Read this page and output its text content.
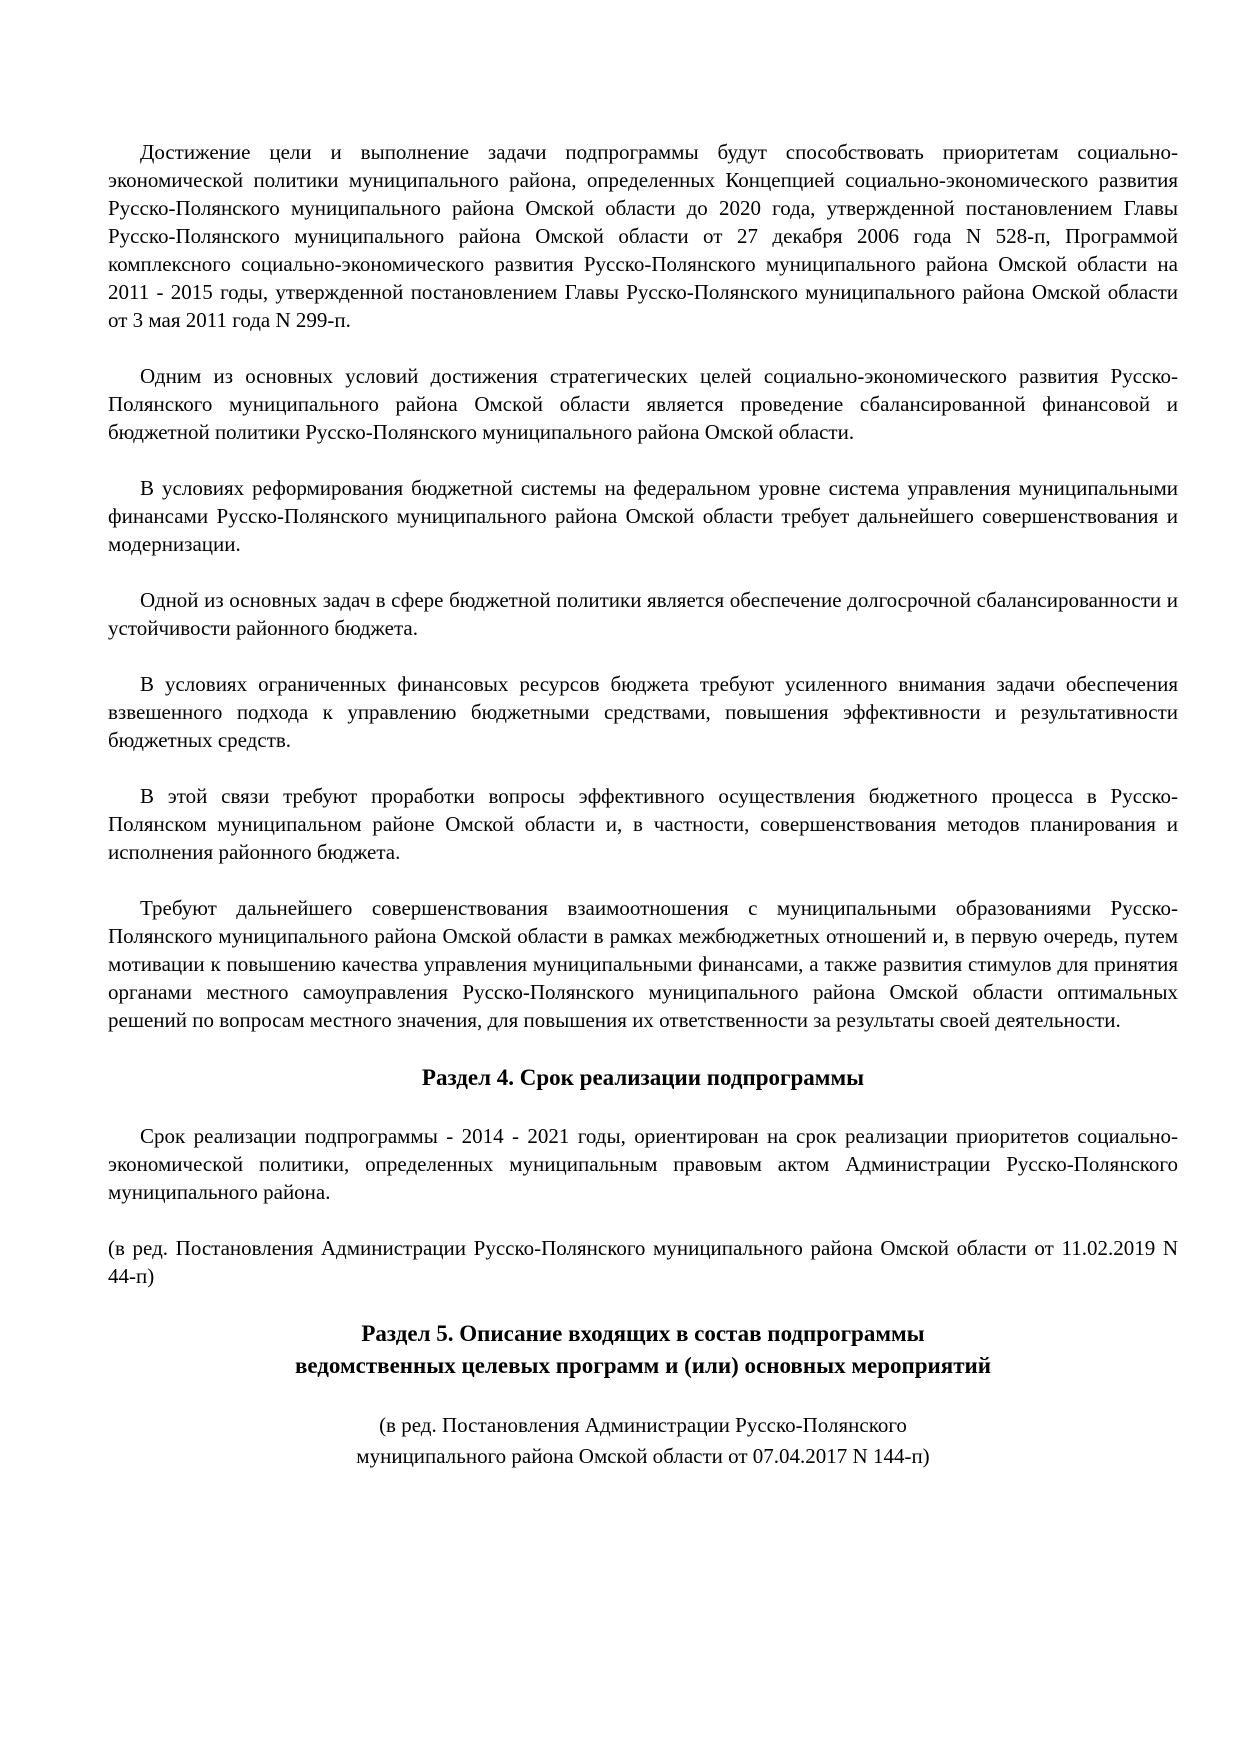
Достижение цели и выполнение задачи подпрограммы будут способствовать приоритетам социально-экономической политики муниципального района, определенных Концепцией социально-экономического развития Русско-Полянского муниципального района Омской области до 2020 года, утвержденной постановлением Главы Русско-Полянского муниципального района Омской области от 27 декабря 2006 года N 528-п, Программой комплексного социально-экономического развития Русско-Полянского муниципального района Омской области на 2011 - 2015 годы, утвержденной постановлением Главы Русско-Полянского муниципального района Омской области от 3 мая 2011 года N 299-п.

Одним из основных условий достижения стратегических целей социально-экономического развития Русско-Полянского муниципального района Омской области является проведение сбалансированной финансовой и бюджетной политики Русско-Полянского муниципального района Омской области.

В условиях реформирования бюджетной системы на федеральном уровне система управления муниципальными финансами Русско-Полянского муниципального района Омской области требует дальнейшего совершенствования и модернизации.

Одной из основных задач в сфере бюджетной политики является обеспечение долгосрочной сбалансированности и устойчивости районного бюджета.

В условиях ограниченных финансовых ресурсов бюджета требуют усиленного внимания задачи обеспечения взвешенного подхода к управлению бюджетными средствами, повышения эффективности и результативности бюджетных средств.

В этой связи требуют проработки вопросы эффективного осуществления бюджетного процесса в Русско-Полянском муниципальном районе Омской области и, в частности, совершенствования методов планирования и исполнения районного бюджета.

Требуют дальнейшего совершенствования взаимоотношения с муниципальными образованиями Русско-Полянского муниципального района Омской области в рамках межбюджетных отношений и, в первую очередь, путем мотивации к повышению качества управления муниципальными финансами, а также развития стимулов для принятия органами местного самоуправления Русско-Полянского муниципального района Омской области оптимальных решений по вопросам местного значения, для повышения их ответственности за результаты своей деятельности.

Раздел 4. Срок реализации подпрограммы

Срок реализации подпрограммы - 2014 - 2021 годы, ориентирован на срок реализации приоритетов социально-экономической политики, определенных муниципальным правовым актом Администрации Русско-Полянского муниципального района.

(в ред. Постановления Администрации Русско-Полянского муниципального района Омской области от 11.02.2019 N 44-п)

Раздел 5. Описание входящих в состав подпрограммы
ведомственных целевых программ и (или) основных мероприятий

(в ред. Постановления Администрации Русско-Полянского
муниципального района Омской области от 07.04.2017 N 144-п)
